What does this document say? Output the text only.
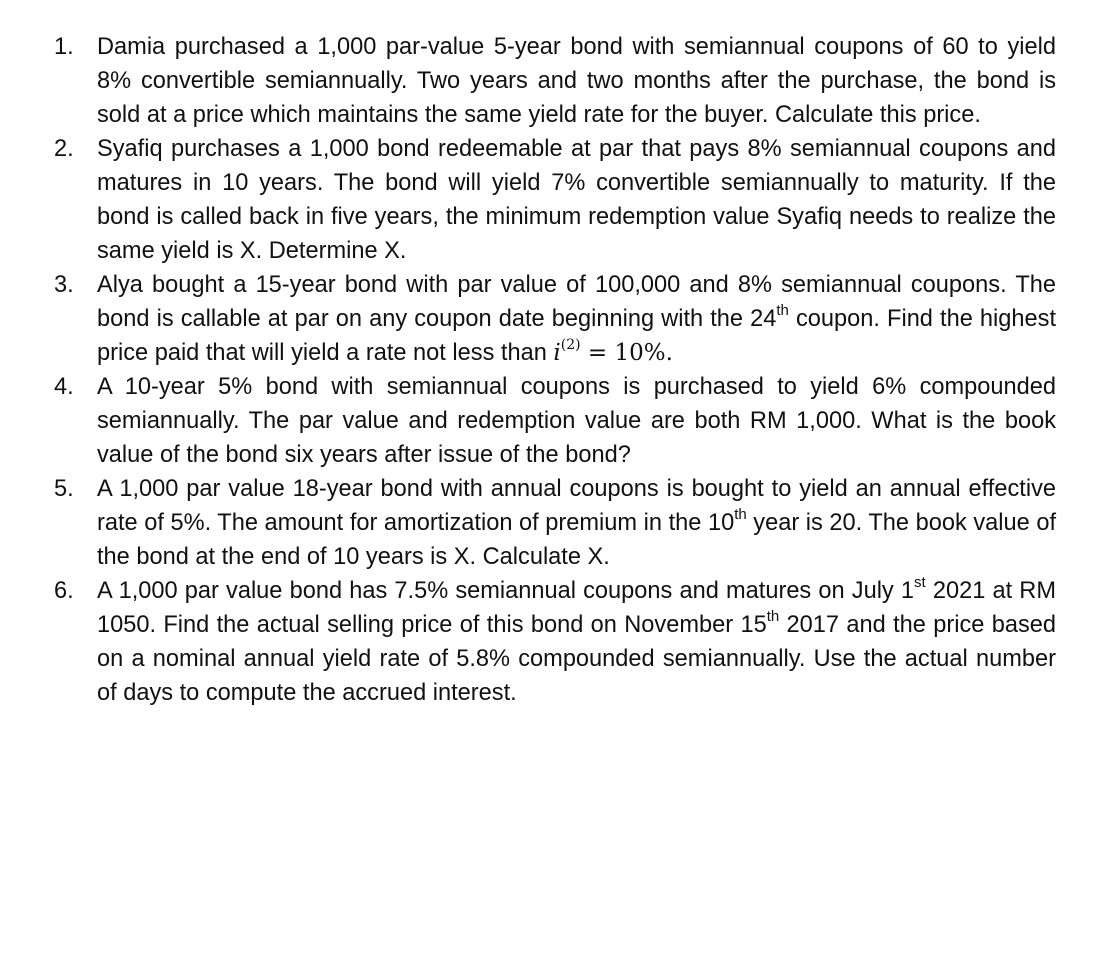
1. Damia purchased a 1,000 par-value 5-year bond with semiannual coupons of 60 to yield 8% convertible semiannually. Two years and two months after the purchase, the bond is sold at a price which maintains the same yield rate for the buyer. Calculate this price.
2. Syafiq purchases a 1,000 bond redeemable at par that pays 8% semiannual coupons and matures in 10 years. The bond will yield 7% convertible semiannually to maturity. If the bond is called back in five years, the minimum redemption value Syafiq needs to realize the same yield is X. Determine X.
3. Alya bought a 15-year bond with par value of 100,000 and 8% semiannual coupons. The bond is callable at par on any coupon date beginning with the 24th coupon. Find the highest price paid that will yield a rate not less than $i^{(2)} = 10\%$.
4. A 10-year 5% bond with semiannual coupons is purchased to yield 6% compounded semiannually. The par value and redemption value are both RM 1,000. What is the book value of the bond six years after issue of the bond?
5. A 1,000 par value 18-year bond with annual coupons is bought to yield an annual effective rate of 5%. The amount for amortization of premium in the 10th year is 20. The book value of the bond at the end of 10 years is X. Calculate X.
6. A 1,000 par value bond has 7.5% semiannual coupons and matures on July 1st 2021 at RM 1050. Find the actual selling price of this bond on November 15th 2017 and the price based on a nominal annual yield rate of 5.8% compounded semiannually. Use the actual number of days to compute the accrued interest.
